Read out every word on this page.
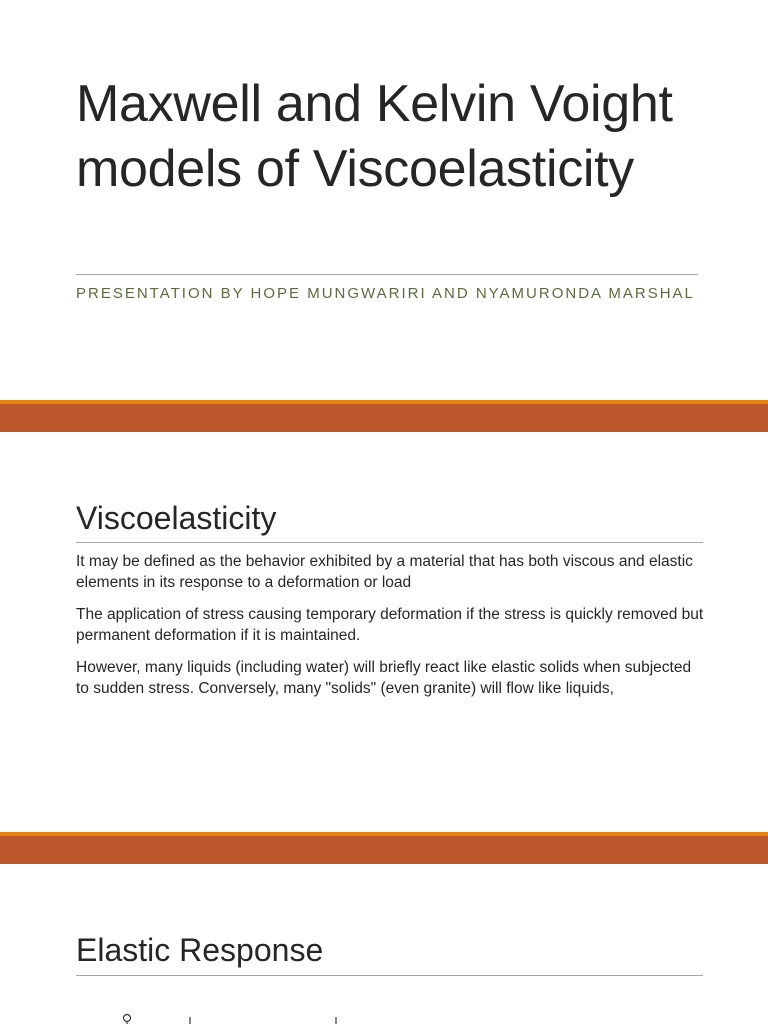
Maxwell and Kelvin Voight models of Viscoelasticity

PRESENTATION BY HOPE MUNGWARIRI AND NYAMURONDA MARSHAL

Viscoelasticity

It may be defined as the behavior exhibited by a material that has both viscous and elastic elements in its response to a deformation or load

The application of stress causing temporary deformation if the stress is quickly removed but permanent deformation if it is maintained.

However, many liquids (including water) will briefly react like elastic solids when subjected to sudden stress. Conversely, many "solids" (even granite) will flow like liquids,

Elastic Response
